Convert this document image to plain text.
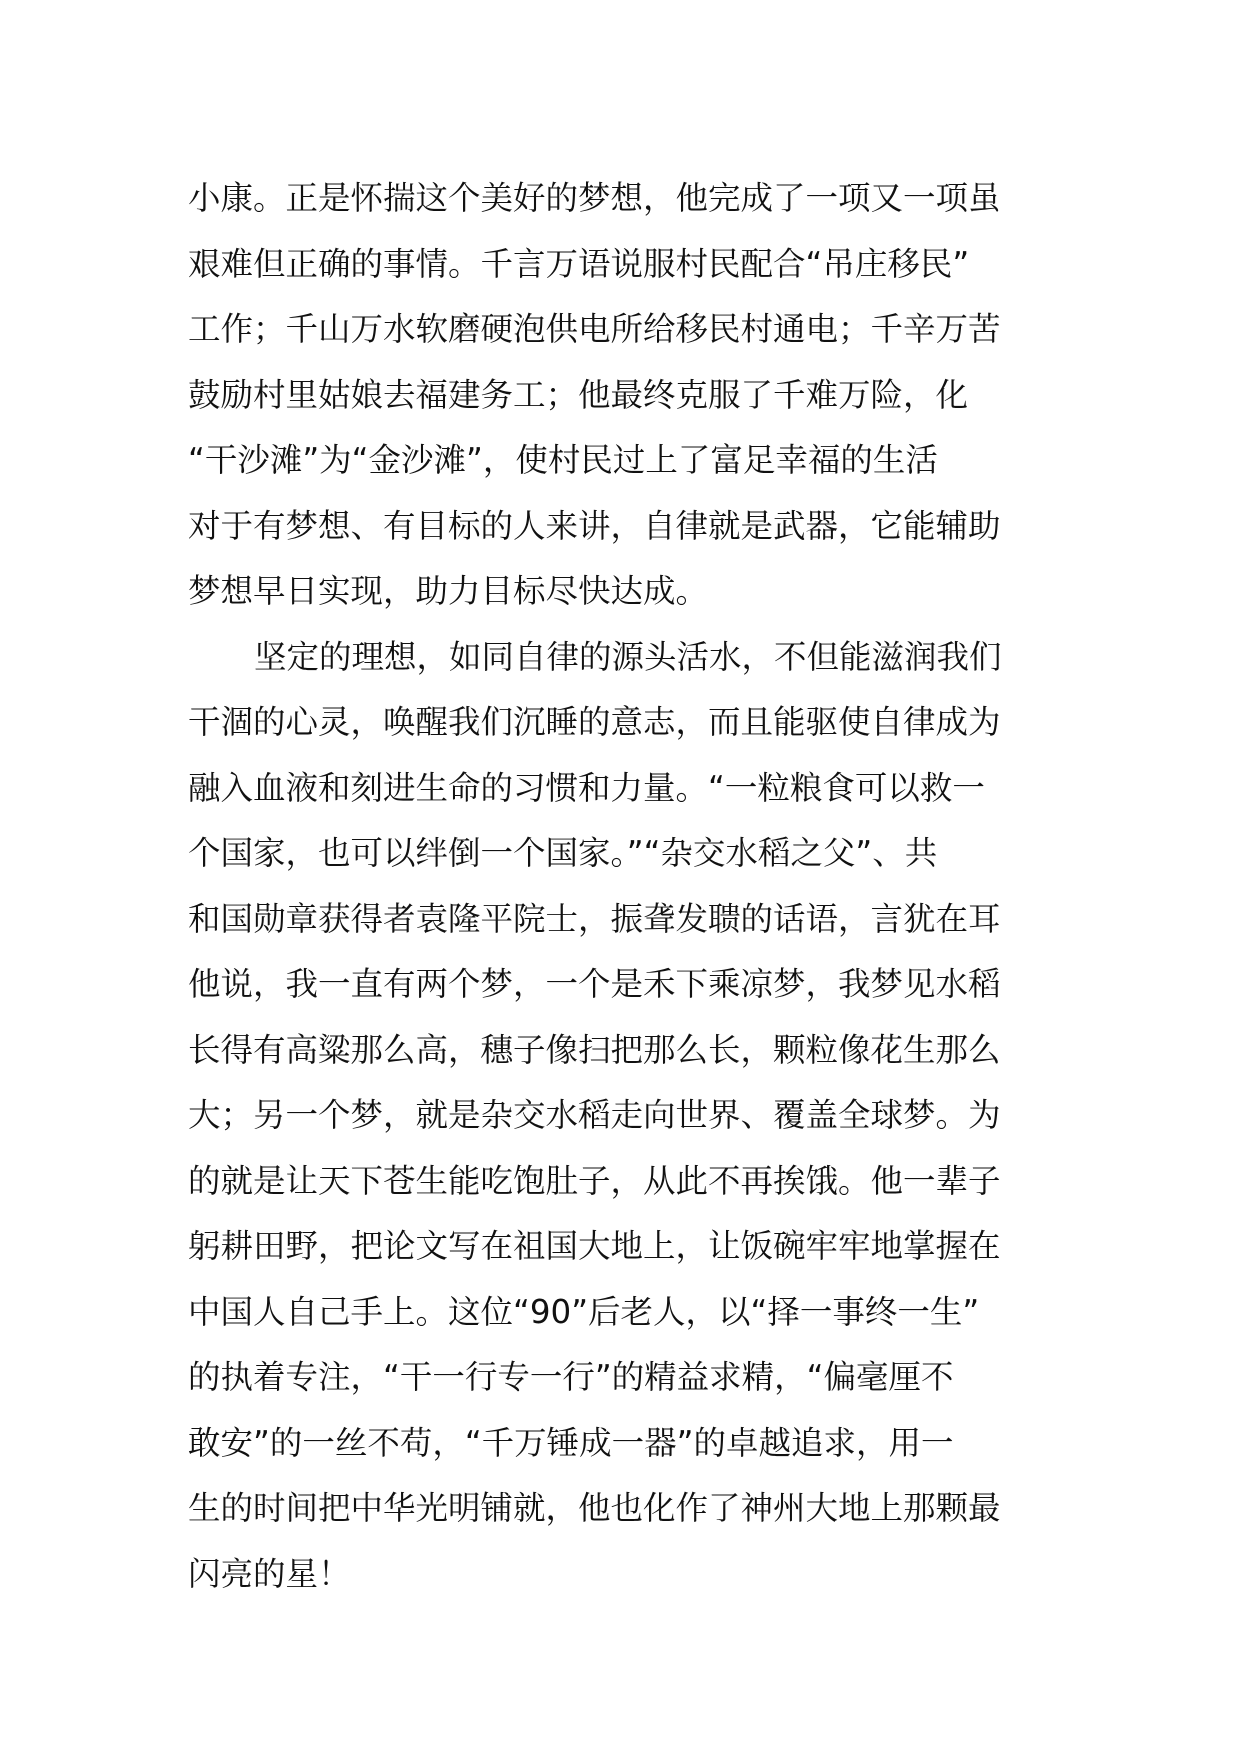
小康。正是怀揣这个美好的梦想，他完成了一项又一项虽
艰难但正确的事情。千言万语说服村民配合“吊庄移民”
工作；千山万水软磨硬泡供电所给移民村通电；千辛万苦
鼓励村里姑娘去福建务工；他最终克服了千难万险，化
“干沙滩”为“金沙滩”，使村民过上了富足幸福的生活
对于有梦想、有目标的人来讲，自律就是武器，它能辅助
梦想早日实现，助力目标尽快达成。
坚定的理想，如同自律的源头活水，不但能滋润我们
干涸的心灵，唤醒我们沉睡的意志，而且能驱使自律成为
融入血液和刻进生命的习惯和力量。“一粒粮食可以救一
个国家，也可以绊倒一个国家。”“杂交水稻之父”、共
和国勋章获得者袁隆平院士，振聋发聩的话语，言犹在耳
他说，我一直有两个梦，一个是禾下乘凉梦，我梦见水稻
长得有高粱那么高，穗子像扫把那么长，颗粒像花生那么
大；另一个梦，就是杂交水稻走向世界、覆盖全球梦。为
的就是让天下苍生能吃饱肚子，从此不再挨饿。他一辈子
躬耕田野，把论文写在祖国大地上，让饭碗牢牢地掌握在
中国人自己手上。这位“90”后老人，以“择一事终一生”
的执着专注，“干一行专一行”的精益求精，“偏毫厘不
敢安”的一丝不苟，“千万锤成一器”的卓越追求，用一
生的时间把中华光明铺就，他也化作了神州大地上那颗最
闪亮的星！
